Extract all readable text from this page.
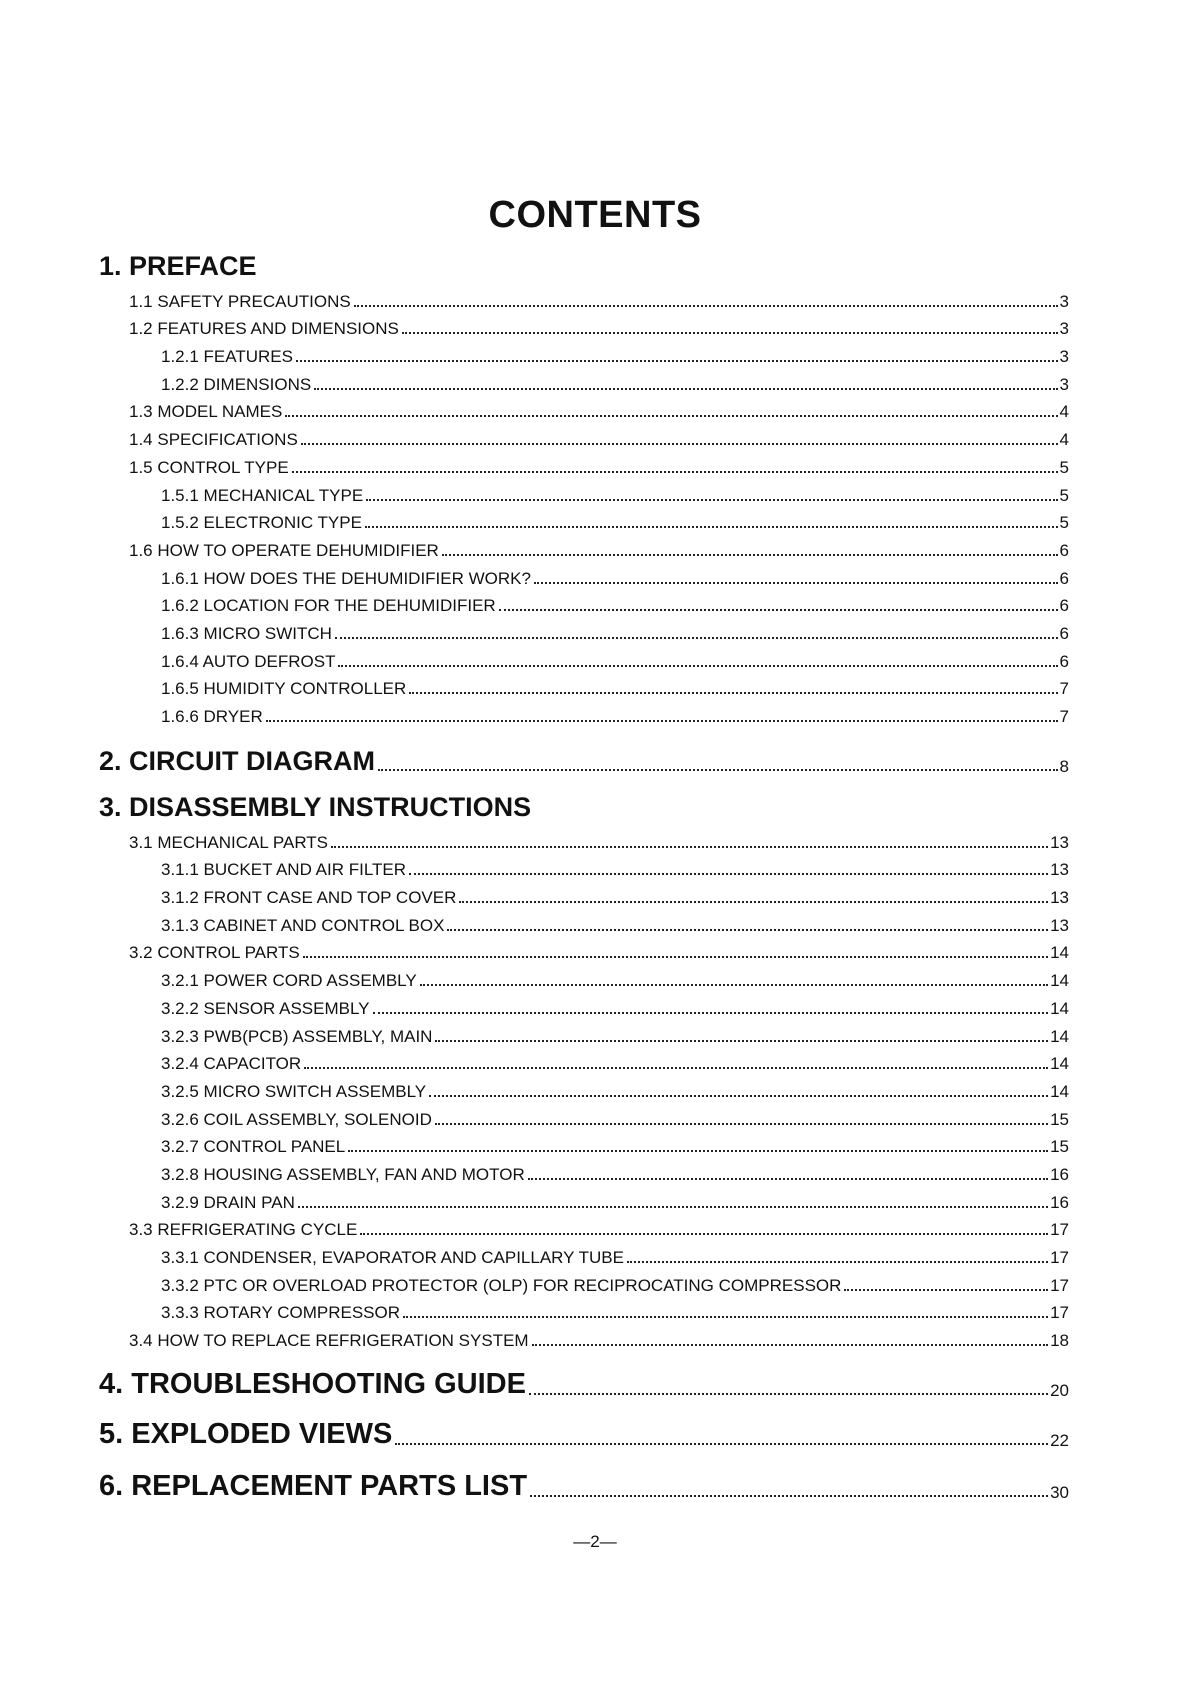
CONTENTS
1. PREFACE
1.1 SAFETY PRECAUTIONS	3
1.2 FEATURES AND DIMENSIONS	3
1.2.1 FEATURES	3
1.2.2 DIMENSIONS	3
1.3 MODEL NAMES	4
1.4 SPECIFICATIONS	4
1.5 CONTROL TYPE	5
1.5.1 MECHANICAL TYPE	5
1.5.2 ELECTRONIC TYPE	5
1.6 HOW TO OPERATE DEHUMIDIFIER	6
1.6.1 HOW DOES THE DEHUMIDIFIER WORK?	6
1.6.2 LOCATION FOR THE DEHUMIDIFIER	6
1.6.3 MICRO SWITCH	6
1.6.4 AUTO DEFROST	6
1.6.5 HUMIDITY CONTROLLER	7
1.6.6 DRYER	7
2. CIRCUIT DIAGRAM	8
3. DISASSEMBLY INSTRUCTIONS
3.1 MECHANICAL PARTS	13
3.1.1 BUCKET AND AIR FILTER	13
3.1.2 FRONT CASE AND TOP COVER	13
3.1.3 CABINET AND CONTROL BOX	13
3.2 CONTROL PARTS	14
3.2.1 POWER CORD ASSEMBLY	14
3.2.2 SENSOR ASSEMBLY	14
3.2.3 PWB(PCB) ASSEMBLY, MAIN	14
3.2.4 CAPACITOR	14
3.2.5 MICRO SWITCH ASSEMBLY	14
3.2.6 COIL ASSEMBLY, SOLENOID	15
3.2.7 CONTROL PANEL	15
3.2.8 HOUSING ASSEMBLY, FAN AND MOTOR	16
3.2.9 DRAIN PAN	16
3.3 REFRIGERATING CYCLE	17
3.3.1 CONDENSER, EVAPORATOR AND CAPILLARY TUBE	17
3.3.2 PTC OR OVERLOAD PROTECTOR (OLP) FOR RECIPROCATING COMPRESSOR	17
3.3.3 ROTARY COMPRESSOR	17
3.4 HOW TO REPLACE REFRIGERATION SYSTEM	18
4. TROUBLESHOOTING GUIDE	20
5. EXPLODED VIEWS	22
6. REPLACEMENT PARTS LIST	30
—2—
